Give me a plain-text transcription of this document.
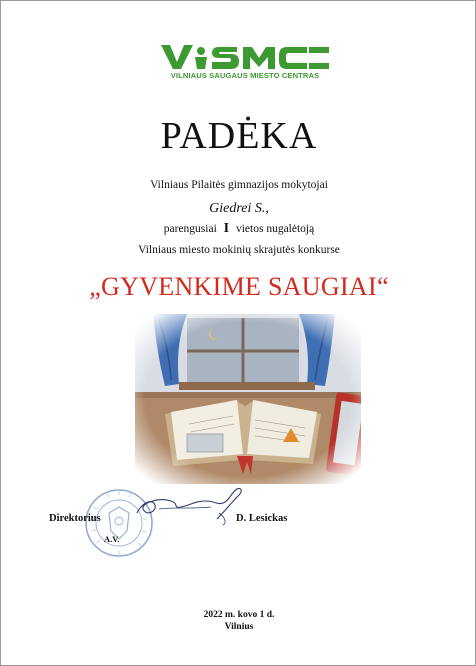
VILNIAUS SAUGAUS MIESTO CENTRAS
PADĖKA
Vilniaus Pilaitės gimnazijos mokytojai
Giedrei S.,
parengusiai I vietos nugalėtoją
Vilniaus miesto mokinių skrajutės konkurse
„GYVENKIME SAUGIAI“
Direktorius
A.V.
D. Lesickas
2022 m. kovo 1 d.
Vilnius
